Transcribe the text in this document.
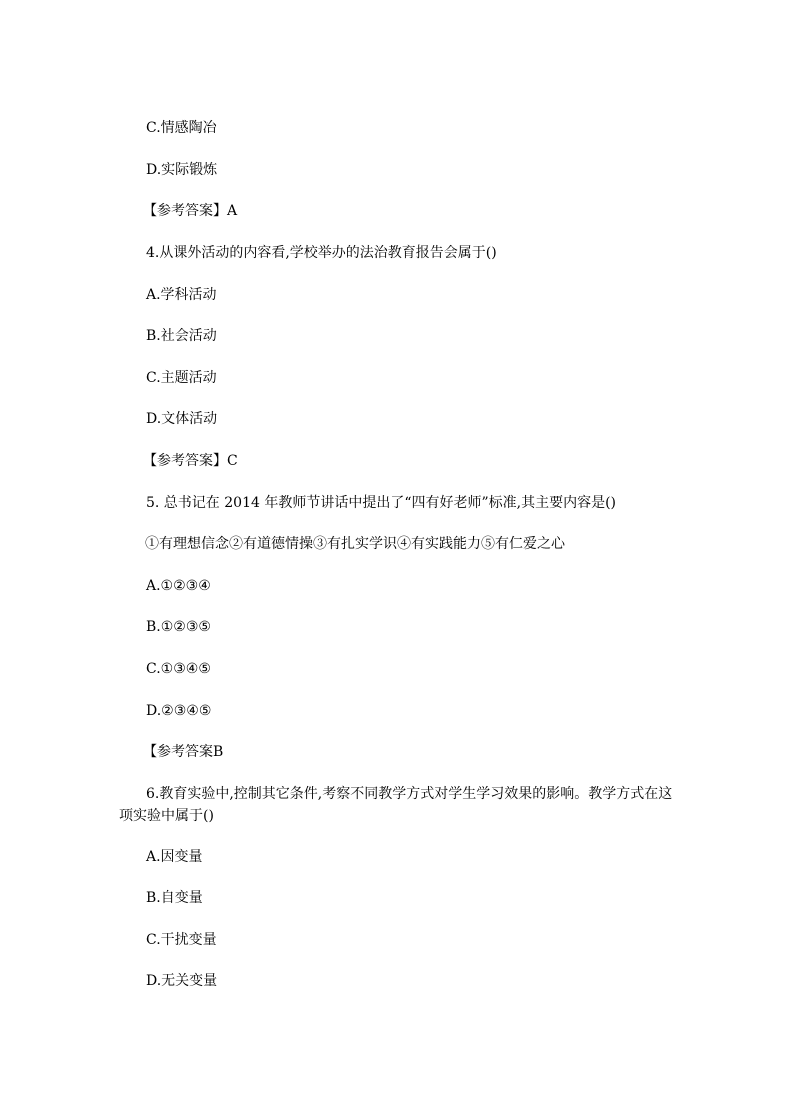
C.情感陶冶
D.实际锻炼
【参考答案】A
4.从课外活动的内容看,学校举办的法治教育报告会属于()
A.学科活动
B.社会活动
C.主题活动
D.文体活动
【参考答案】C
5. 总书记在 2014 年教师节讲话中提出了“四有好老师”标准,其主要内容是()
①有理想信念②有道德情操③有扎实学识④有实践能力⑤有仁爱之心
A.①②③④
B.①②③⑤
C.①③④⑤
D.②③④⑤
【参考答案B
6.教育实验中,控制其它条件,考察不同教学方式对学生学习效果的影响。教学方式在这项实验中属于()
A.因变量
B.自变量
C.干扰变量
D.无关变量
